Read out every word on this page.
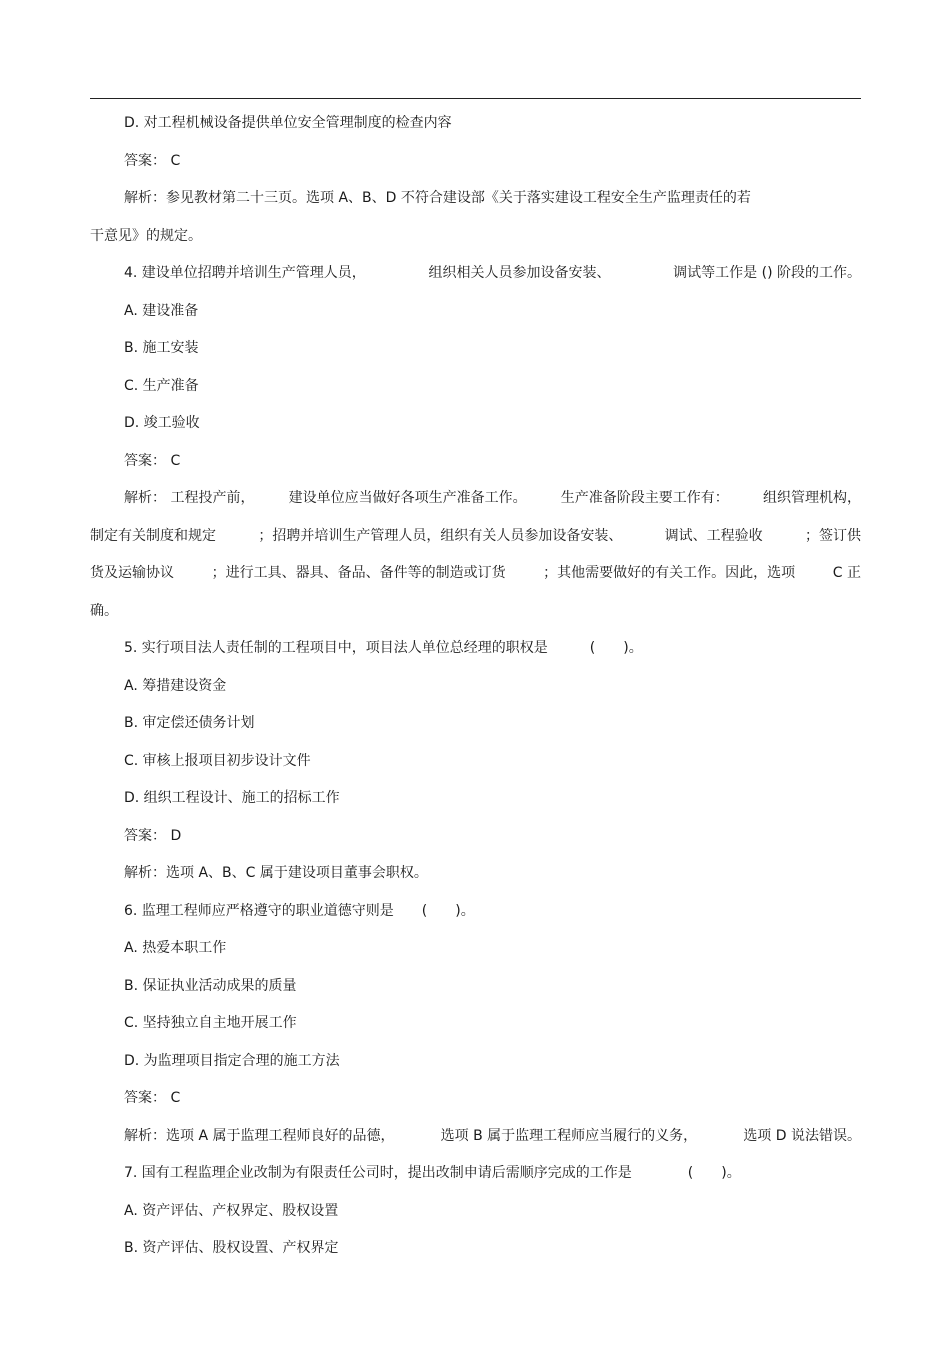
D. 对工程机械设备提供单位安全管理制度的检查内容
答案： C
解析：参见教材第二十三页。选项 A、B、D 不符合建设部《关于落实建设工程安全生产监理责任的若
干意见》的规定。
4. 建设单位招聘并培训生产管理人员，	组织相关人员参加设备安装、	调试等工作是 () 阶段的工作。
A. 建设准备
B. 施工安装
C. 生产准备
D. 竣工验收
答案： C
解析： 工程投产前， 建设单位应当做好各项生产准备工作。 生产准备阶段主要工作有： 组织管理机构，
制定有关制度和规定	；招聘并培训生产管理人员，组织有关人员参加设备安装、	调试、工程验收	；签订供
货及运输协议	；进行工具、器具、备品、备件等的制造或订货	；其他需要做好的有关工作。因此，选项	C 正
确。
5. 实行项目法人责任制的工程项目中，项目法人单位总经理的职权是　　　(　　)。
A. 筹措建设资金
B. 审定偿还债务计划
C. 审核上报项目初步设计文件
D. 组织工程设计、施工的招标工作
答案： D
解析：选项 A、B、C 属于建设项目董事会职权。
6. 监理工程师应严格遵守的职业道德守则是　　(　　)。
A. 热爱本职工作
B. 保证执业活动成果的质量
C. 坚持独立自主地开展工作
D. 为监理项目指定合理的施工方法
答案： C
解析：选项 A 属于监理工程师良好的品德，	选项 B 属于监理工程师应当履行的义务，	选项 D 说法错误。
7. 国有工程监理企业改制为有限责任公司时，提出改制申请后需顺序完成的工作是　　　　(　　)。
A. 资产评估、产权界定、股权设置
B. 资产评估、股权设置、产权界定
